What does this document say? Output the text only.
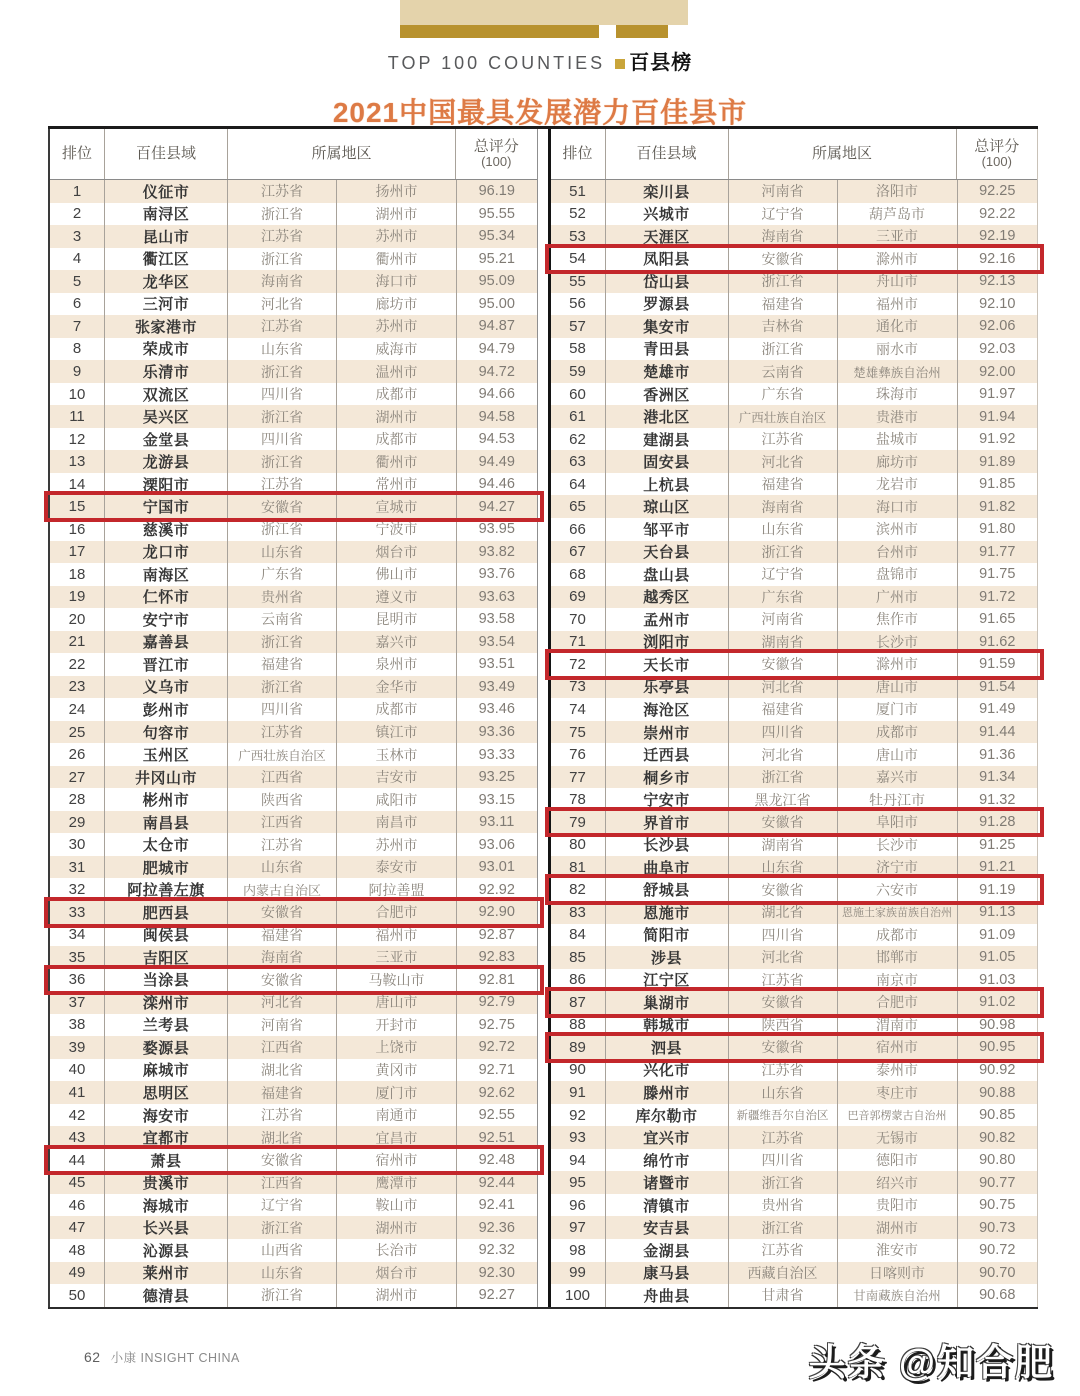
TOP 100 COUNTIES 百县榜
2021中国最具发展潜力百佳县市
排位	百佳县域	所属地区	总评分
(100)
1	仪征市	江苏省	扬州市	96.19
2	南浔区	浙江省	湖州市	95.55
3	昆山市	江苏省	苏州市	95.34
4	衢江区	浙江省	衢州市	95.21
5	龙华区	海南省	海口市	95.09
6	三河市	河北省	廊坊市	95.00
7	张家港市	江苏省	苏州市	94.87
8	荣成市	山东省	威海市	94.79
9	乐清市	浙江省	温州市	94.72
10	双流区	四川省	成都市	94.66
11	吴兴区	浙江省	湖州市	94.58
12	金堂县	四川省	成都市	94.53
13	龙游县	浙江省	衢州市	94.49
14	溧阳市	江苏省	常州市	94.46
15	宁国市	安徽省	宣城市	94.27
16	慈溪市	浙江省	宁波市	93.95
17	龙口市	山东省	烟台市	93.82
18	南海区	广东省	佛山市	93.76
19	仁怀市	贵州省	遵义市	93.63
20	安宁市	云南省	昆明市	93.58
21	嘉善县	浙江省	嘉兴市	93.54
22	晋江市	福建省	泉州市	93.51
23	义乌市	浙江省	金华市	93.49
24	彭州市	四川省	成都市	93.46
25	句容市	江苏省	镇江市	93.36
26	玉州区	广西壮族自治区	玉林市	93.33
27	井冈山市	江西省	吉安市	93.25
28	彬州市	陕西省	咸阳市	93.15
29	南昌县	江西省	南昌市	93.11
30	太仓市	江苏省	苏州市	93.06
31	肥城市	山东省	泰安市	93.01
32	阿拉善左旗	内蒙古自治区	阿拉善盟	92.92
33	肥西县	安徽省	合肥市	92.90
34	闽侯县	福建省	福州市	92.87
35	吉阳区	海南省	三亚市	92.83
36	当涂县	安徽省	马鞍山市	92.81
37	滦州市	河北省	唐山市	92.79
38	兰考县	河南省	开封市	92.75
39	婺源县	江西省	上饶市	92.72
40	麻城市	湖北省	黄冈市	92.71
41	思明区	福建省	厦门市	92.62
42	海安市	江苏省	南通市	92.55
43	宜都市	湖北省	宜昌市	92.51
44	萧县	安徽省	宿州市	92.48
45	贵溪市	江西省	鹰潭市	92.44
46	海城市	辽宁省	鞍山市	92.41
47	长兴县	浙江省	湖州市	92.36
48	沁源县	山西省	长治市	92.32
49	莱州市	山东省	烟台市	92.30
50	德清县	浙江省	湖州市	92.27
排位	百佳县域	所属地区	总评分
(100)
51	栾川县	河南省	洛阳市	92.25
52	兴城市	辽宁省	葫芦岛市	92.22
53	天涯区	海南省	三亚市	92.19
54	凤阳县	安徽省	滁州市	92.16
55	岱山县	浙江省	舟山市	92.13
56	罗源县	福建省	福州市	92.10
57	集安市	吉林省	通化市	92.06
58	青田县	浙江省	丽水市	92.03
59	楚雄市	云南省	楚雄彝族自治州	92.00
60	香洲区	广东省	珠海市	91.97
61	港北区	广西壮族自治区	贵港市	91.94
62	建湖县	江苏省	盐城市	91.92
63	固安县	河北省	廊坊市	91.89
64	上杭县	福建省	龙岩市	91.85
65	琼山区	海南省	海口市	91.82
66	邹平市	山东省	滨州市	91.80
67	天台县	浙江省	台州市	91.77
68	盘山县	辽宁省	盘锦市	91.75
69	越秀区	广东省	广州市	91.72
70	孟州市	河南省	焦作市	91.65
71	浏阳市	湖南省	长沙市	91.62
72	天长市	安徽省	滁州市	91.59
73	乐亭县	河北省	唐山市	91.54
74	海沧区	福建省	厦门市	91.49
75	崇州市	四川省	成都市	91.44
76	迁西县	河北省	唐山市	91.36
77	桐乡市	浙江省	嘉兴市	91.34
78	宁安市	黑龙江省	牡丹江市	91.32
79	界首市	安徽省	阜阳市	91.28
80	长沙县	湖南省	长沙市	91.25
81	曲阜市	山东省	济宁市	91.21
82	舒城县	安徽省	六安市	91.19
83	恩施市	湖北省	恩施土家族苗族自治州	91.13
84	简阳市	四川省	成都市	91.09
85	涉县	河北省	邯郸市	91.05
86	江宁区	江苏省	南京市	91.03
87	巢湖市	安徽省	合肥市	91.02
88	韩城市	陕西省	渭南市	90.98
89	泗县	安徽省	宿州市	90.95
90	兴化市	江苏省	泰州市	90.92
91	滕州市	山东省	枣庄市	90.88
92	库尔勒市	新疆维吾尔自治区	巴音郭楞蒙古自治州	90.85
93	宜兴市	江苏省	无锡市	90.82
94	绵竹市	四川省	德阳市	90.80
95	诸暨市	浙江省	绍兴市	90.77
96	清镇市	贵州省	贵阳市	90.75
97	安吉县	浙江省	湖州市	90.73
98	金湖县	江苏省	淮安市	90.72
99	康马县	西藏自治区	日喀则市	90.70
100	舟曲县	甘肃省	甘南藏族自治州	90.68
62 小康 INSIGHT CHINA	头条 @知合肥
